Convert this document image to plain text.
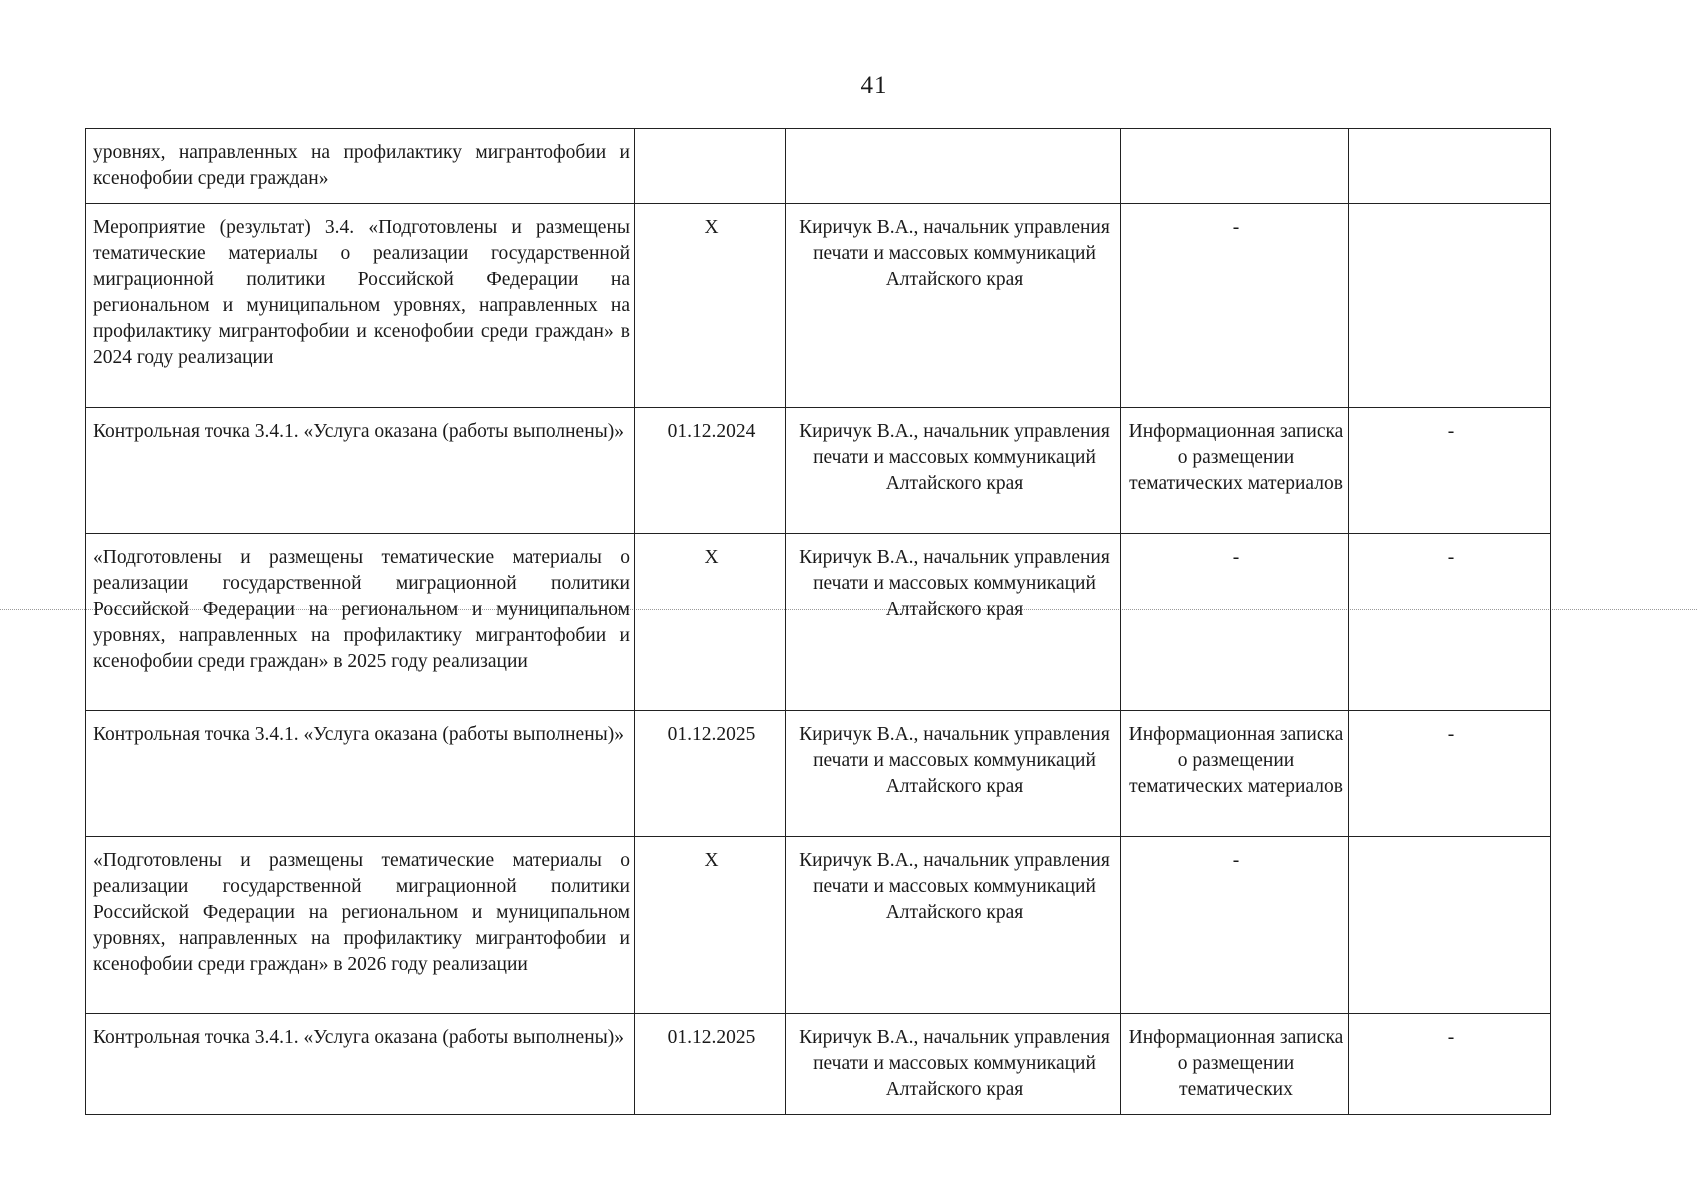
41
уровнях, направленных на профилактику мигрантофобии и ксенофобии среди граждан»				
Мероприятие (результат) 3.4. «Подготовлены и размещены тематические материалы о реализации государственной миграционной политики Российской Федерации на региональном и муниципальном уровнях, направленных на профилактику мигрантофобии и ксенофобии среди граждан» в 2024 году реализации	X	Киричук В.А., начальник управления печати и массовых коммуникаций Алтайского края	-	
Контрольная точка 3.4.1. «Услуга оказана (работы выполнены)»	01.12.2024	Киричук В.А., начальник управления печати и массовых коммуникаций Алтайского края	Информационная записка о размещении тематических материалов	-
«Подготовлены и размещены тематические материалы о реализации государственной миграционной политики Российской Федерации на региональном и муниципальном уровнях, направленных на профилактику мигрантофобии и ксенофобии среди граждан» в 2025 году реализации	X	Киричук В.А., начальник управления печати и массовых коммуникаций Алтайского края	-	-
Контрольная точка 3.4.1. «Услуга оказана (работы выполнены)»	01.12.2025	Киричук В.А., начальник управления печати и массовых коммуникаций Алтайского края	Информационная записка о размещении тематических материалов	-
«Подготовлены и размещены тематические материалы о реализации государственной миграционной политики Российской Федерации на региональном и муниципальном уровнях, направленных на профилактику мигрантофобии и ксенофобии среди граждан» в 2026 году реализации	X	Киричук В.А., начальник управления печати и массовых коммуникаций Алтайского края	-	
Контрольная точка 3.4.1. «Услуга оказана (работы выполнены)»	01.12.2025	Киричук В.А., начальник управления печати и массовых коммуникаций Алтайского края	Информационная записка о размещении тематических	-
